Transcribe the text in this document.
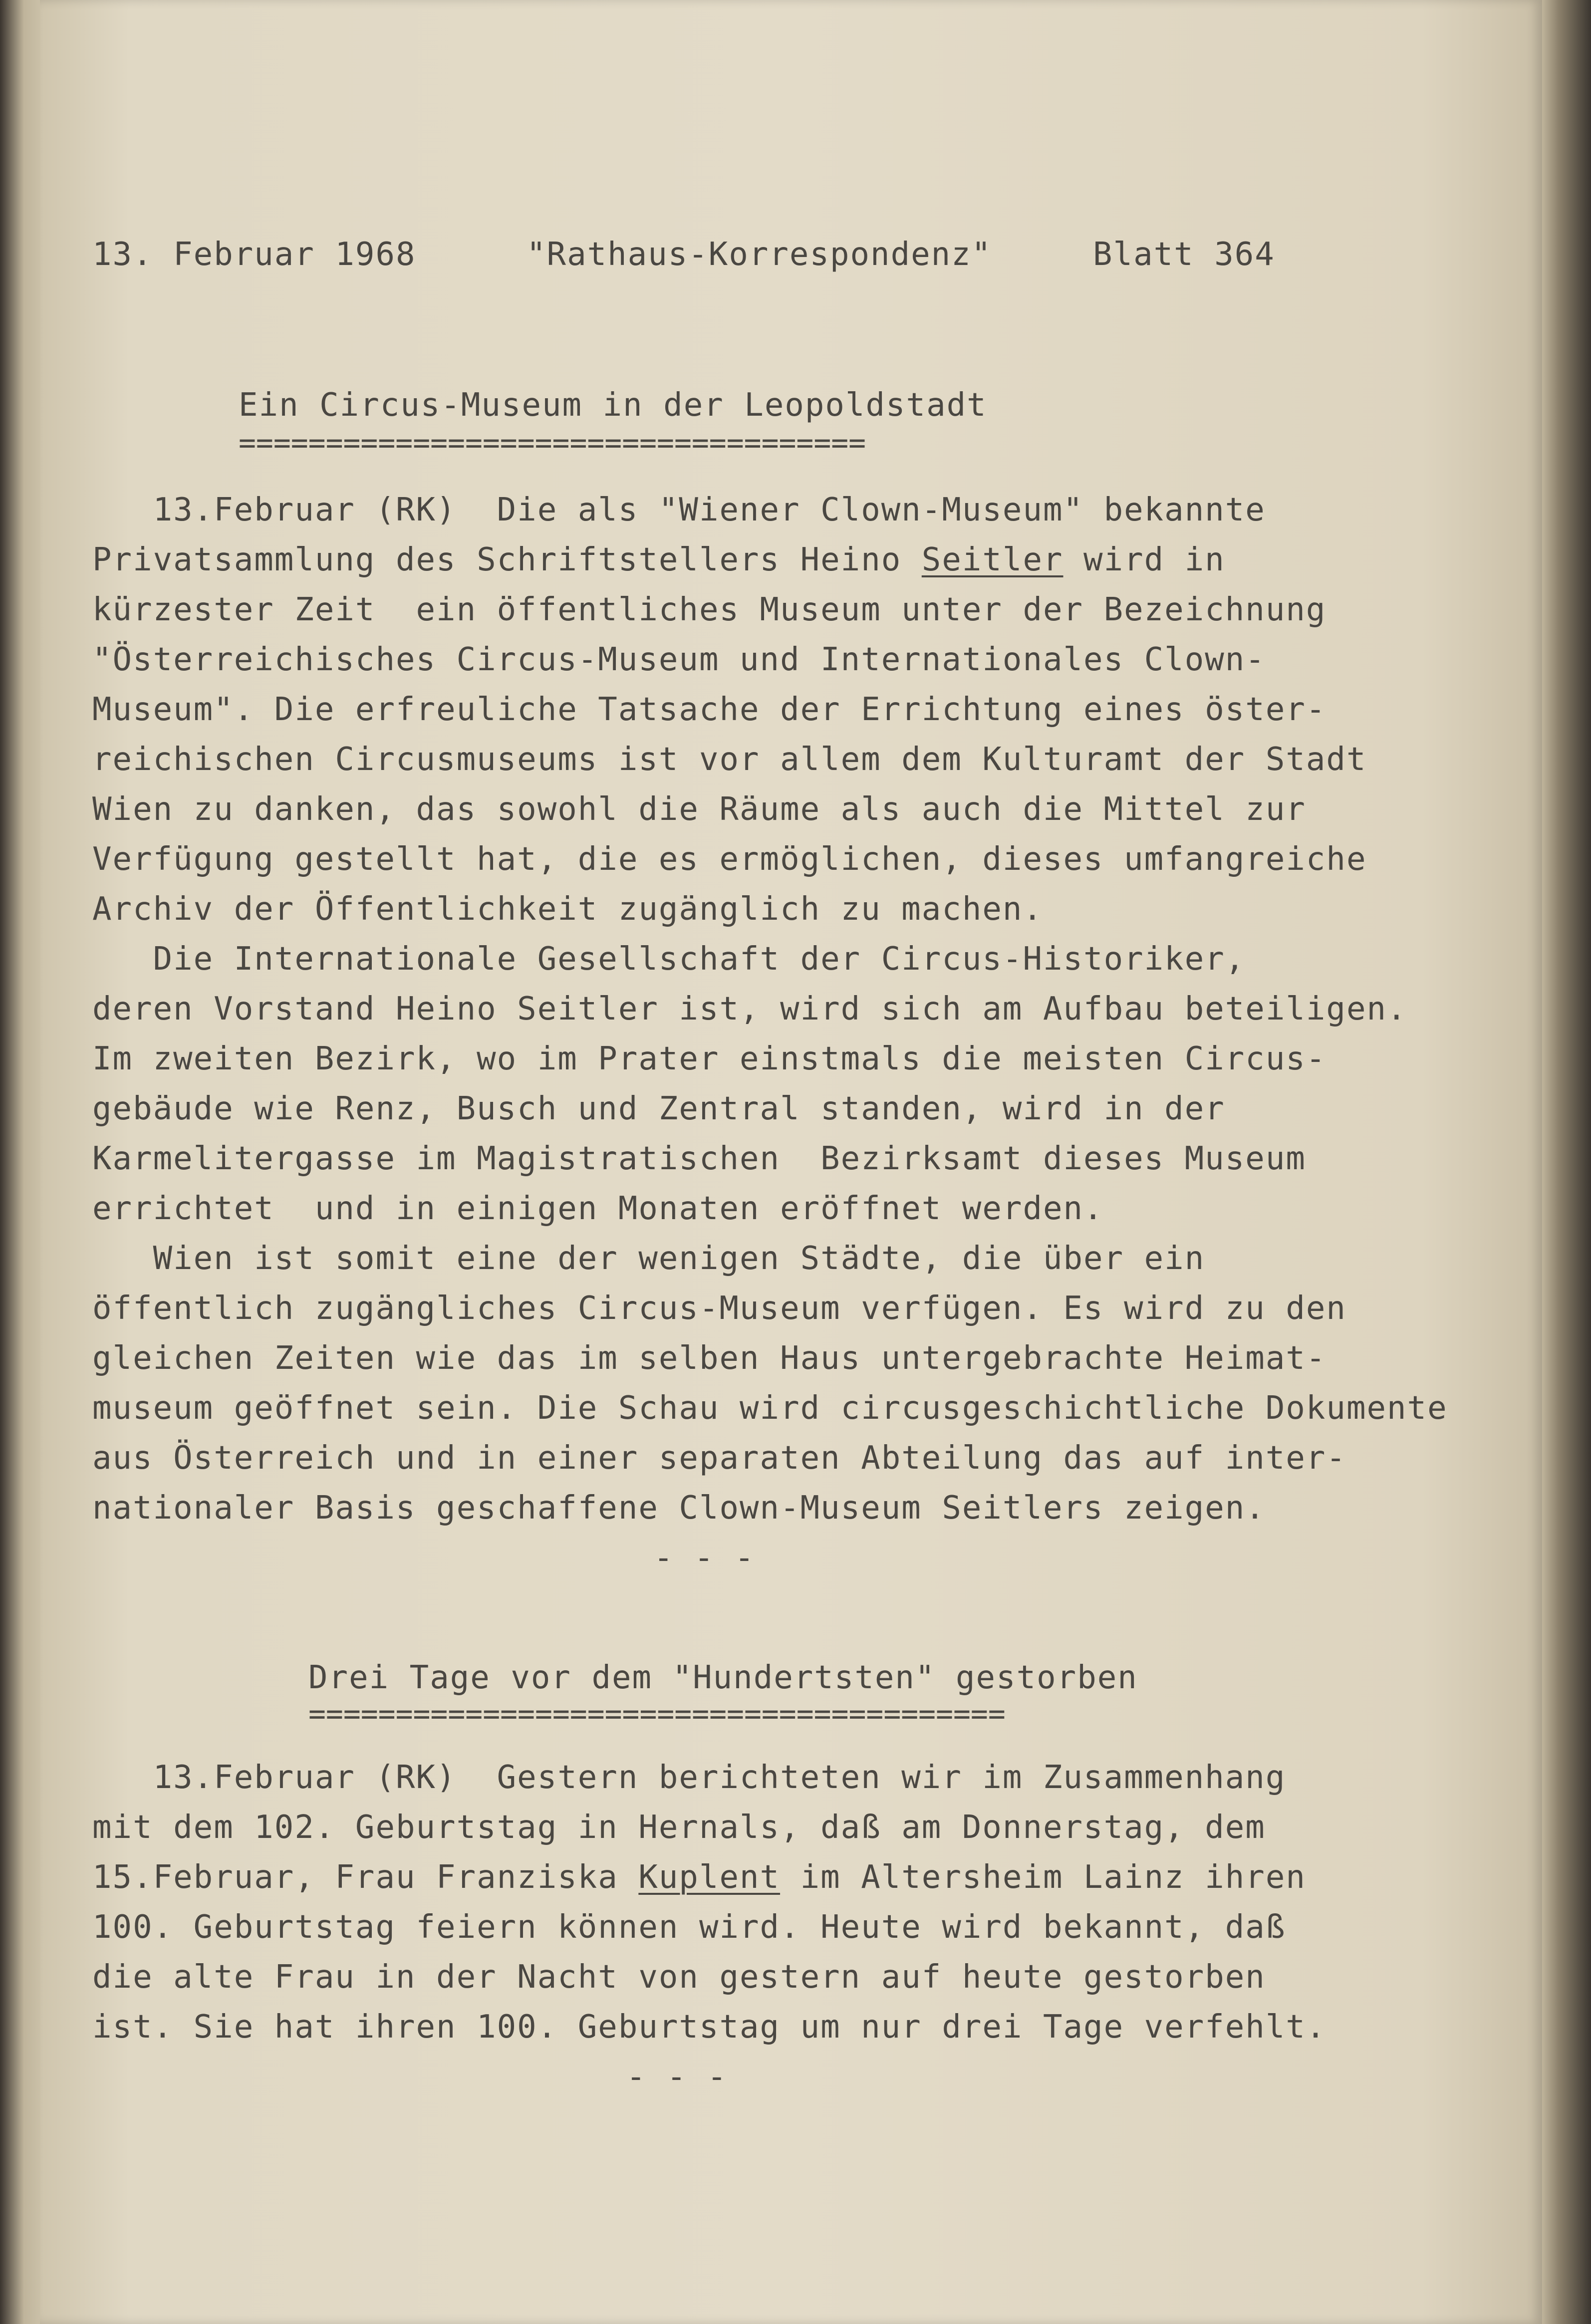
13. Februar 1968	"Rathaus-Korrespondenz"	Blatt 364
Ein Circus-Museum in der Leopoldstadt
====================================
13.Februar (RK)  Die als "Wiener Clown-Museum" bekannte
Privatsammlung des Schriftstellers Heino Seitler wird in
kürzester Zeit  ein öffentliches Museum unter der Bezeichnung
"Österreichisches Circus-Museum und Internationales Clown-
Museum". Die erfreuliche Tatsache der Errichtung eines öster-
reichischen Circusmuseums ist vor allem dem Kulturamt der Stadt
Wien zu danken, das sowohl die Räume als auch die Mittel zur
Verfügung gestellt hat, die es ermöglichen, dieses umfangreiche
Archiv der Öffentlichkeit zugänglich zu machen.
Die Internationale Gesellschaft der Circus-Historiker,
deren Vorstand Heino Seitler ist, wird sich am Aufbau beteiligen.
Im zweiten Bezirk, wo im Prater einstmals die meisten Circus-
gebäude wie Renz, Busch und Zentral standen, wird in der
Karmelitergasse im Magistratischen  Bezirksamt dieses Museum
errichtet  und in einigen Monaten eröffnet werden.
Wien ist somit eine der wenigen Städte, die über ein
öffentlich zugängliches Circus-Museum verfügen. Es wird zu den
gleichen Zeiten wie das im selben Haus untergebrachte Heimat-
museum geöffnet sein. Die Schau wird circusgeschichtliche Dokumente
aus Österreich und in einer separaten Abteilung das auf inter-
nationaler Basis geschaffene Clown-Museum Seitlers zeigen.
- - -
Drei Tage vor dem "Hundertsten" gestorben
========================================
13.Februar (RK)  Gestern berichteten wir im Zusammenhang
mit dem 102. Geburtstag in Hernals, daß am Donnerstag, dem
15.Februar, Frau Franziska Kuplent im Altersheim Lainz ihren
100. Geburtstag feiern können wird. Heute wird bekannt, daß
die alte Frau in der Nacht von gestern auf heute gestorben
ist. Sie hat ihren 100. Geburtstag um nur drei Tage verfehlt.
- - -
